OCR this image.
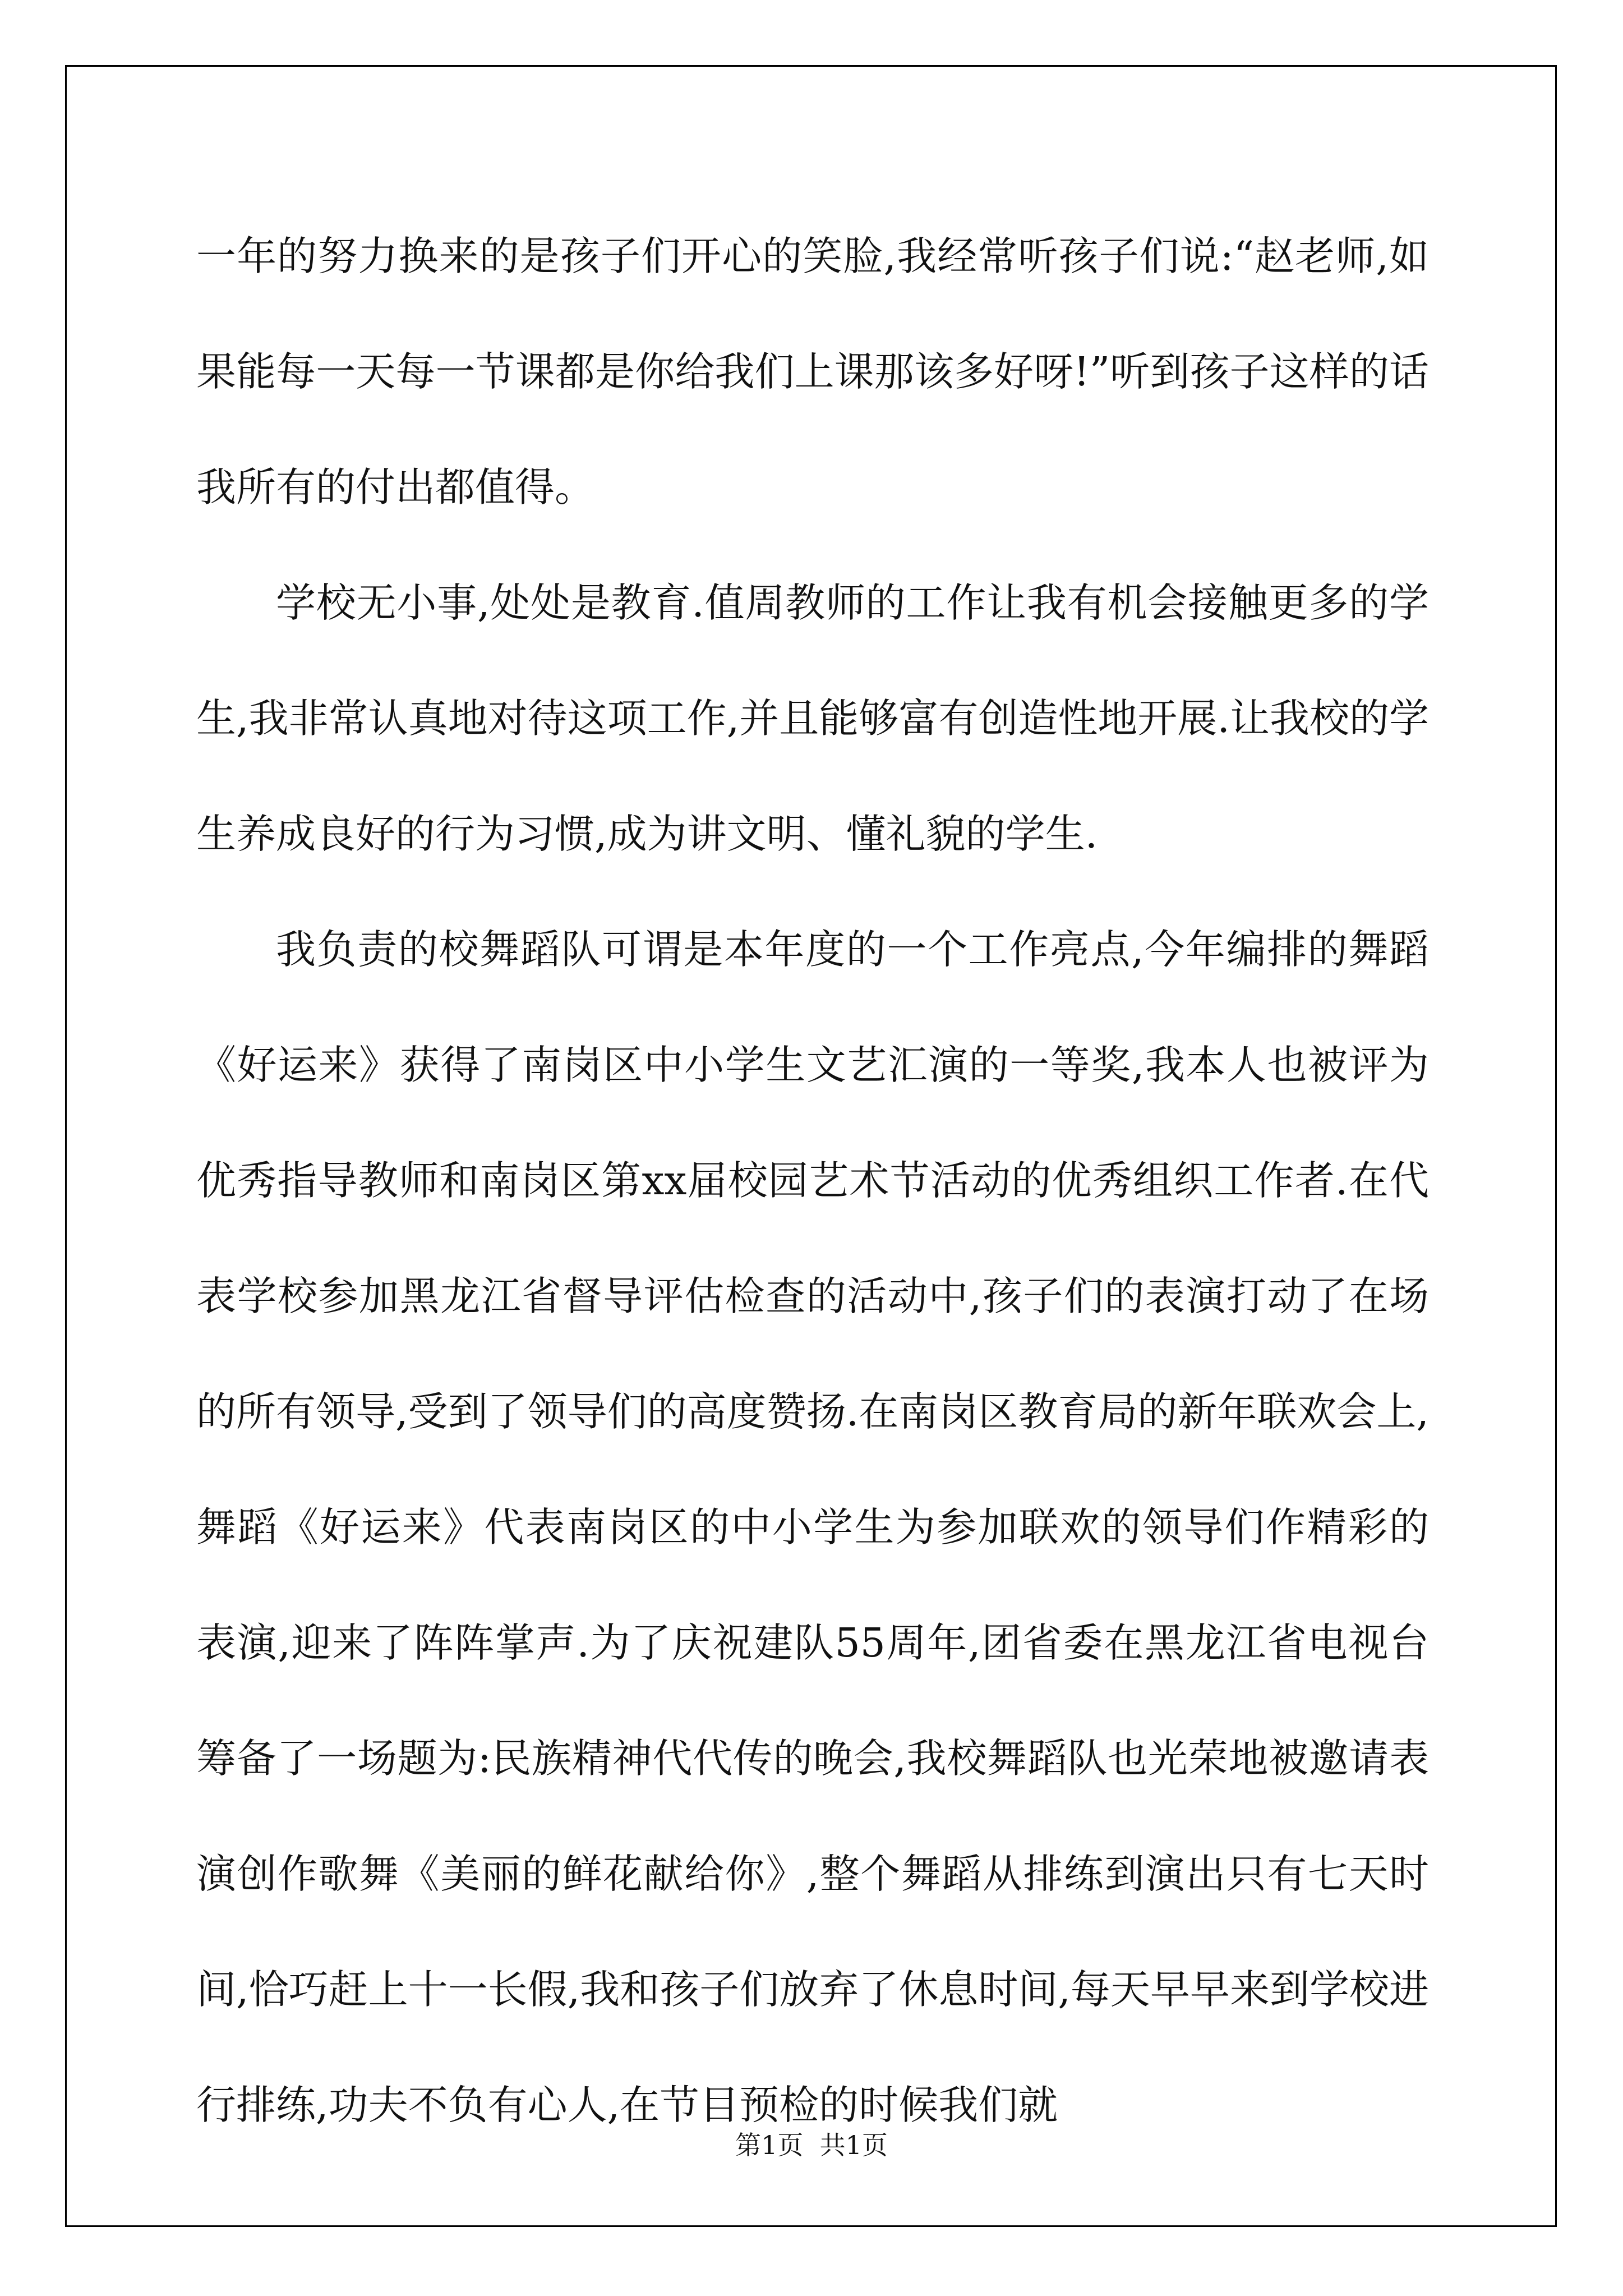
一年的努力换来的是孩子们开心的笑脸,我经常听孩子们说:“赵老师,如果能每一天每一节课都是你给我们上课那该多好呀!”听到孩子这样的话我所有的付出都值得。

学校无小事,处处是教育.值周教师的工作让我有机会接触更多的学生,我非常认真地对待这项工作,并且能够富有创造性地开展.让我校的学生养成良好的行为习惯,成为讲文明、懂礼貌的学生.

我负责的校舞蹈队可谓是本年度的一个工作亮点,今年编排的舞蹈《好运来》获得了南岗区中小学生文艺汇演的一等奖,我本人也被评为优秀指导教师和南岗区第xx届校园艺术节活动的优秀组织工作者.在代表学校参加黑龙江省督导评估检查的活动中,孩子们的表演打动了在场的所有领导,受到了领导们的高度赞扬.在南岗区教育局的新年联欢会上,舞蹈《好运来》代表南岗区的中小学生为参加联欢的领导们作精彩的表演,迎来了阵阵掌声.为了庆祝建队55周年,团省委在黑龙江省电视台筹备了一场题为:民族精神代代传的晚会,我校舞蹈队也光荣地被邀请表演创作歌舞《美丽的鲜花献给你》,整个舞蹈从排练到演出只有七天时间,恰巧赶上十一长假,我和孩子们放弃了休息时间,每天早早来到学校进行排练,功夫不负有心人,在节目预检的时候我们就

第1页  共1页
